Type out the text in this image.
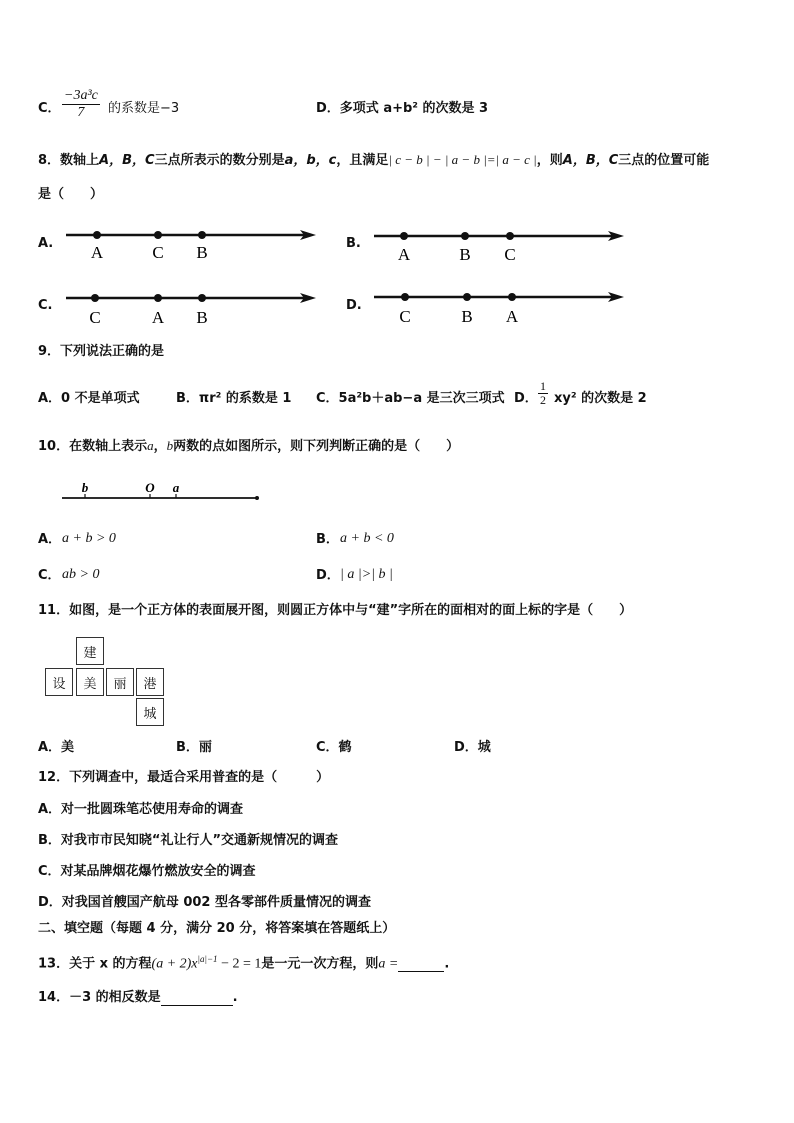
C． $\frac{\text{−3a³c}}{7}$ 的系数是−3	D．多项式 a+b² 的次数是 3
8．数轴上A，B，C三点所表示的数分别是a，b，c，且满足| c − b | − | a − b |=| a − c |，则A，B，C三点的位置可能
是（　　）
A. A	C B	B.
A	B C
C.
C	A B
D.
C	B A
9．下列说法正确的是
A．0 不是单项式	B．πr² 的系数是 1 C．5a²b＋ab−a 是三次三项式 D． $\frac{1}{2} xy^2$ 的次数是 2
10．在数轴上表示a，b两数的点如图所示，则下列判断正确的是（　　）
b	O a
A． a + b > 0	B． a + b < 0
C． ab > 0	D． | a |>| b |
11．如图，是一个正方体的表面展开图，则圆正方体中与“建”字所在的面相对的面上标的字是（　　）
建
设	美	丽	港
城
A．美	B．丽	C．鹤	D．城
12．下列调查中，最适合采用普查的是（　　　）
A．对一批圆珠笔芯使用寿命的调查
B．对我市市民知晓“礼让行人”交通新规情况的调查
C．对某品牌烟花爆竹燃放安全的调查
D．对我国首艘国产航母 002 型各零部件质量情况的调查
二、填空题（每题 4 分，满分 20 分，将答案填在答题纸上）
13．关于 x 的方程$(a + 2)x^{|a|-1} - 2 = 1$是一元一次方程，则a =	.
14．－3 的相反数是	.
